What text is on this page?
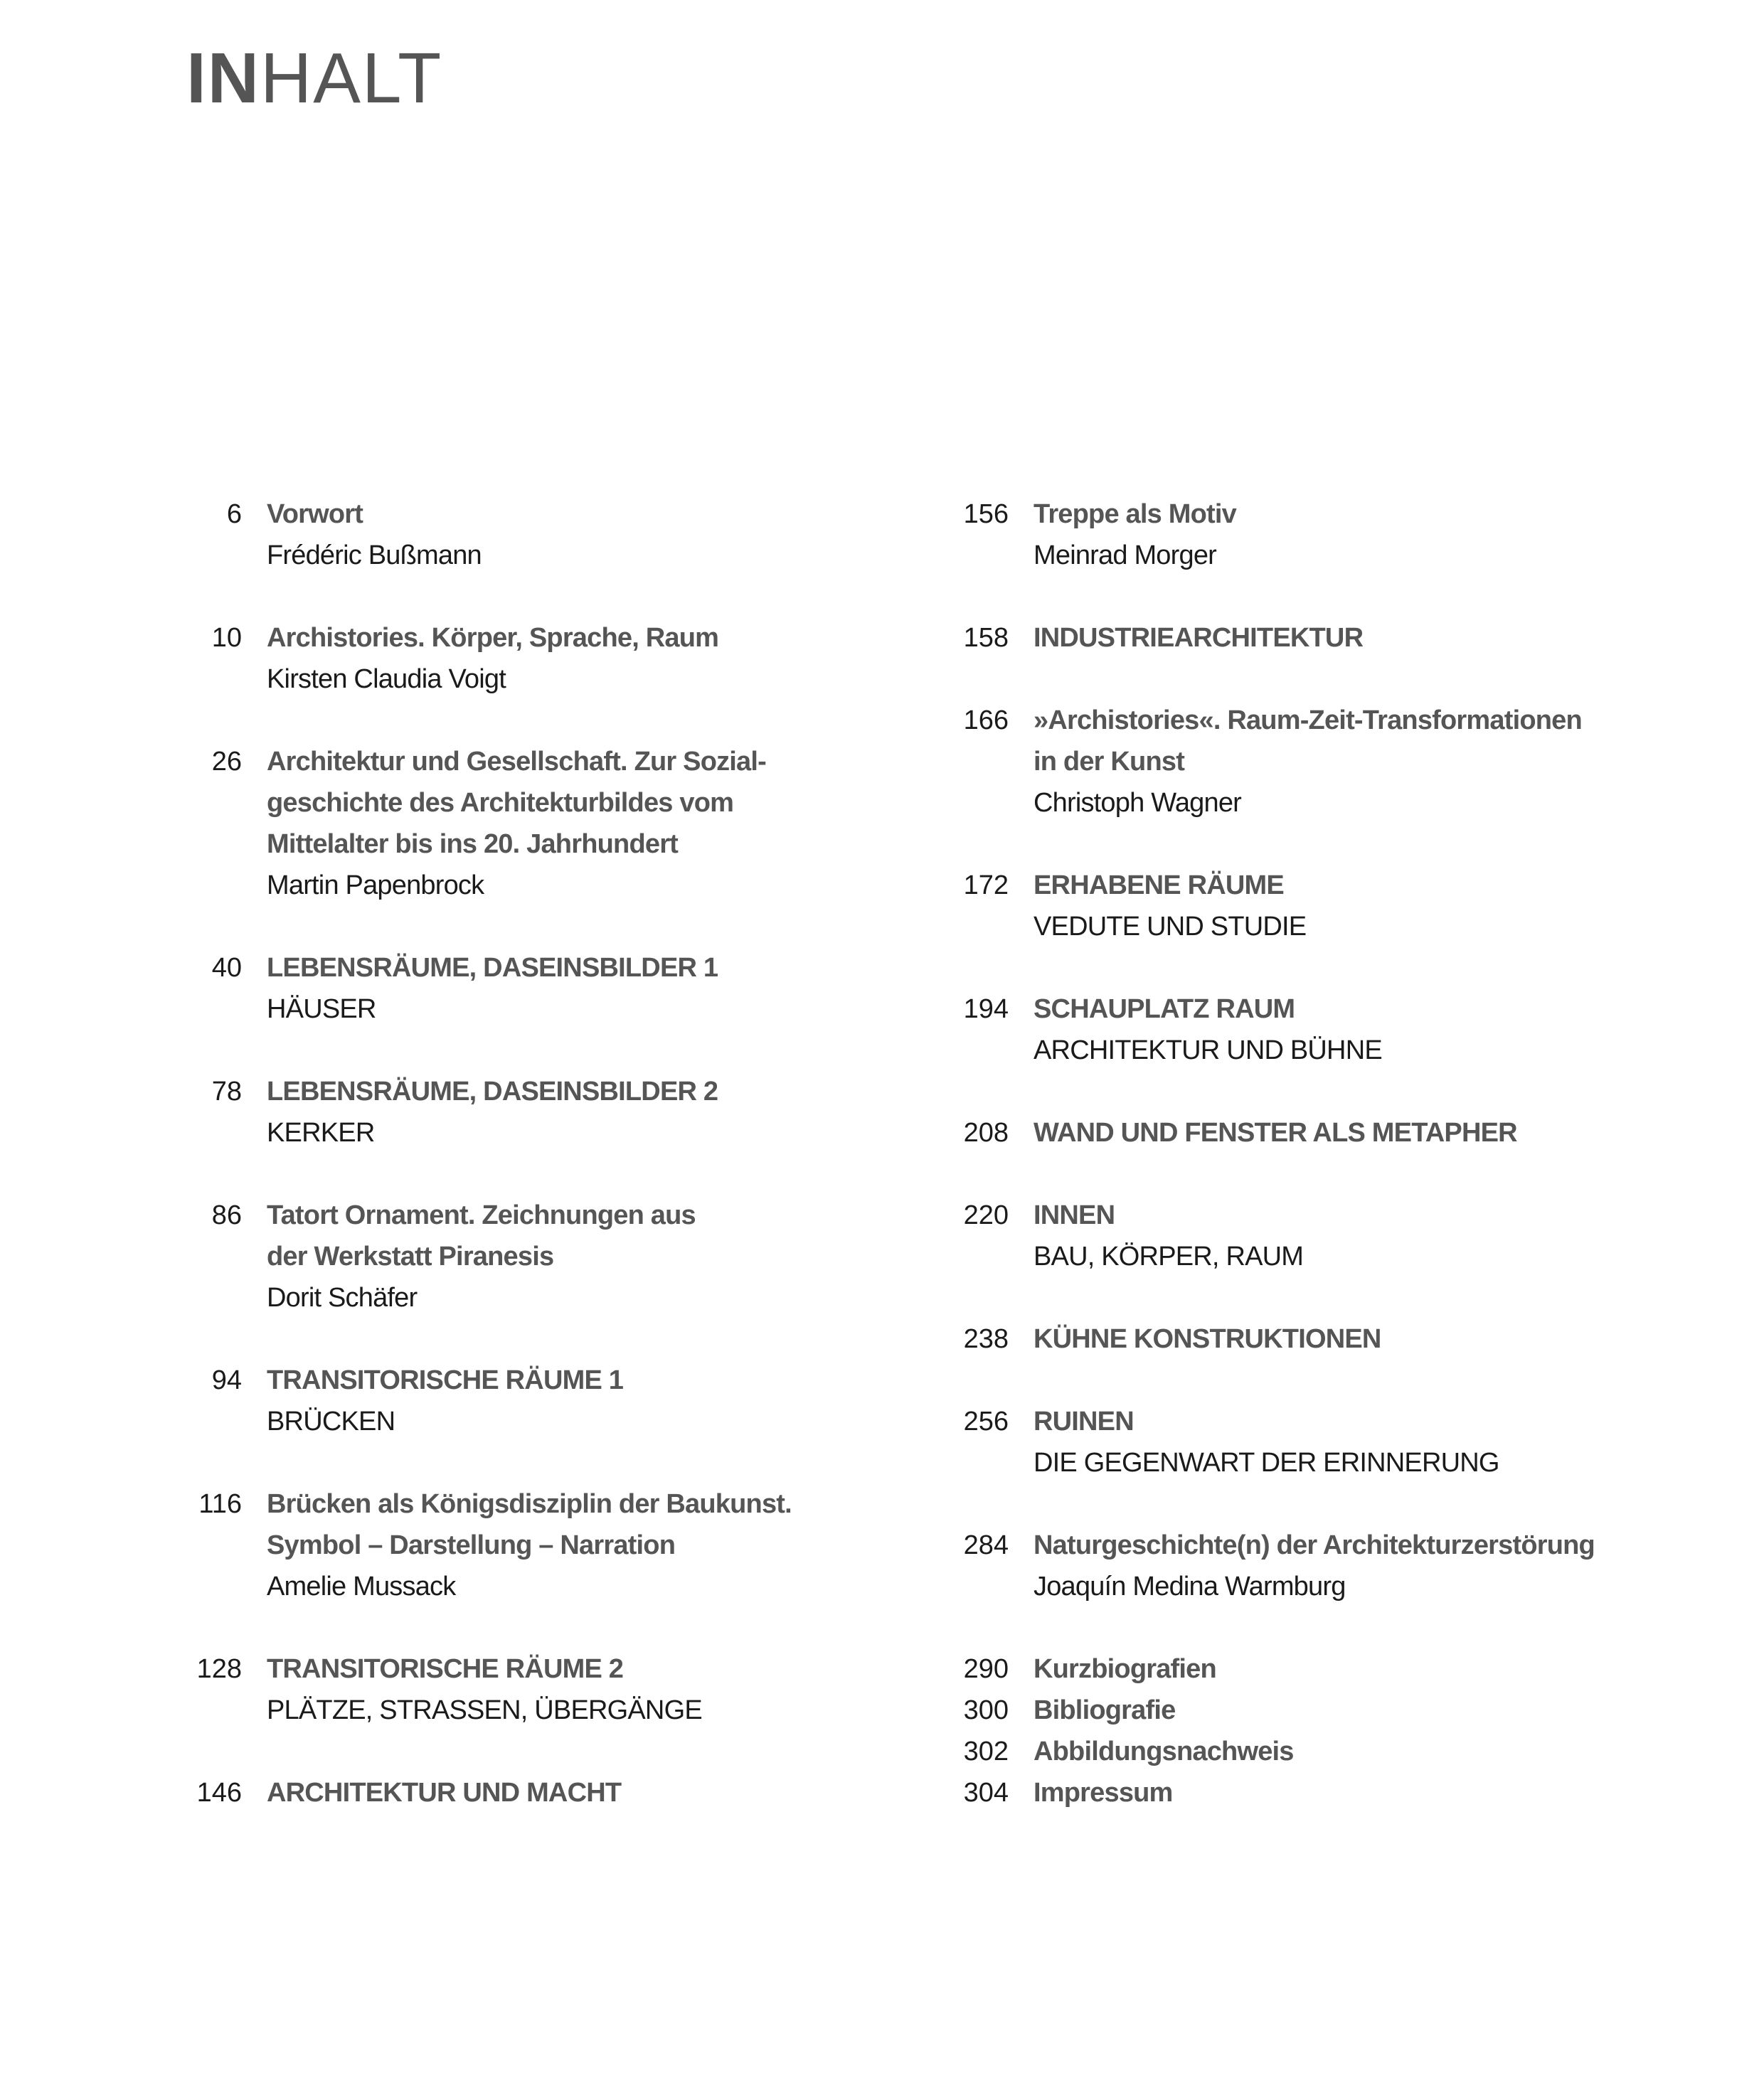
INHALT
6 Vorwort
Frédéric Bußmann
10 Archistories. Körper, Sprache, Raum
Kirsten Claudia Voigt
26 Architektur und Gesellschaft. Zur Sozial-
geschichte des Architekturbildes vom
Mittelalter bis ins 20. Jahrhundert
Martin Papenbrock
40 LEBENSRÄUME, DASEINSBILDER 1
HÄUSER
78 LEBENSRÄUME, DASEINSBILDER 2
KERKER
86 Tatort Ornament. Zeichnungen aus
der Werkstatt Piranesis
Dorit Schäfer
94 TRANSITORISCHE RÄUME 1
BRÜCKEN
116 Brücken als Königsdisziplin der Baukunst.
Symbol – Darstellung – Narration
Amelie Mussack
128 TRANSITORISCHE RÄUME 2
PLÄTZE, STRASSEN, ÜBERGÄNGE
146 ARCHITEKTUR UND MACHT
156 Treppe als Motiv
Meinrad Morger
158 INDUSTRIEARCHITEKTUR
166 »Archistories«. Raum-Zeit-Transformationen
in der Kunst
Christoph Wagner
172 ERHABENE RÄUME
VEDUTE UND STUDIE
194 SCHAUPLATZ RAUM
ARCHITEKTUR UND BÜHNE
208 WAND UND FENSTER ALS METAPHER
220 INNEN
BAU, KÖRPER, RAUM
238 KÜHNE KONSTRUKTIONEN
256 RUINEN
DIE GEGENWART DER ERINNERUNG
284 Naturgeschichte(n) der Architekturzerstörung
Joaquín Medina Warmburg
290 Kurzbiografien
300 Bibliografie
302 Abbildungsnachweis
304 Impressum
